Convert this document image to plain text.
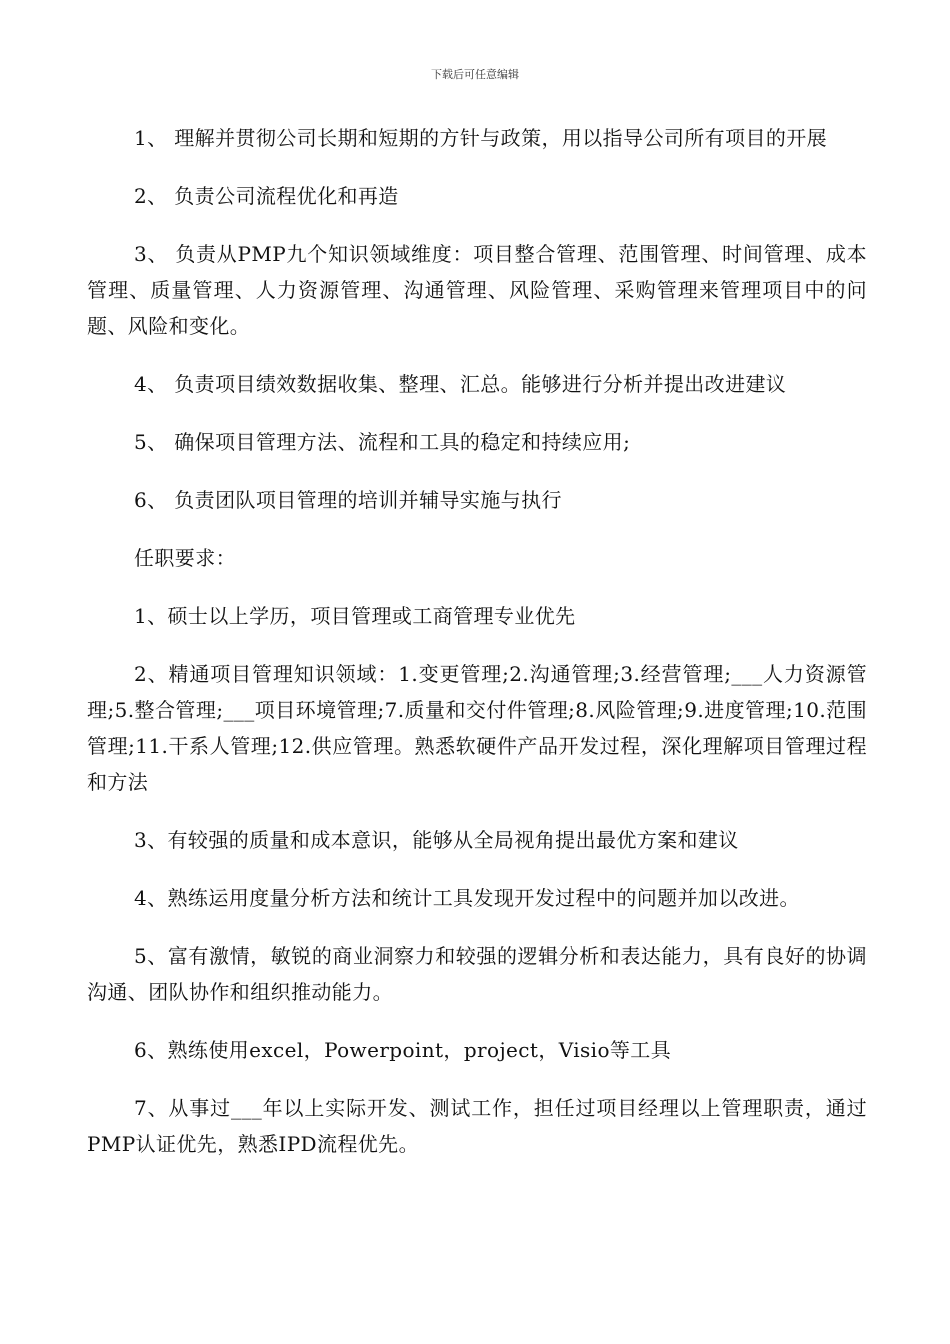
下载后可任意编辑

1、 理解并贯彻公司长期和短期的方针与政策，用以指导公司所有项目的开展

2、 负责公司流程优化和再造

3、 负责从PMP九个知识领域维度：项目整合管理、范围管理、时间管理、成本管理、质量管理、人力资源管理、沟通管理、风险管理、采购管理来管理项目中的问题、风险和变化。

4、 负责项目绩效数据收集、整理、汇总。能够进行分析并提出改进建议

5、 确保项目管理方法、流程和工具的稳定和持续应用;

6、 负责团队项目管理的培训并辅导实施与执行

任职要求：

1、硕士以上学历，项目管理或工商管理专业优先

2、精通项目管理知识领域：1.变更管理;2.沟通管理;3.经营管理;___人力资源管理;5.整合管理;___项目环境管理;7.质量和交付件管理;8.风险管理;9.进度管理;10.范围管理;11.干系人管理;12.供应管理。熟悉软硬件产品开发过程，深化理解项目管理过程和方法

3、有较强的质量和成本意识，能够从全局视角提出最优方案和建议

4、熟练运用度量分析方法和统计工具发现开发过程中的问题并加以改进。

5、富有激情，敏锐的商业洞察力和较强的逻辑分析和表达能力，具有良好的协调沟通、团队协作和组织推动能力。

6、熟练使用excel，Powerpoint，project，Visio等工具

7、从事过___年以上实际开发、测试工作，担任过项目经理以上管理职责，通过PMP认证优先，熟悉IPD流程优先。
